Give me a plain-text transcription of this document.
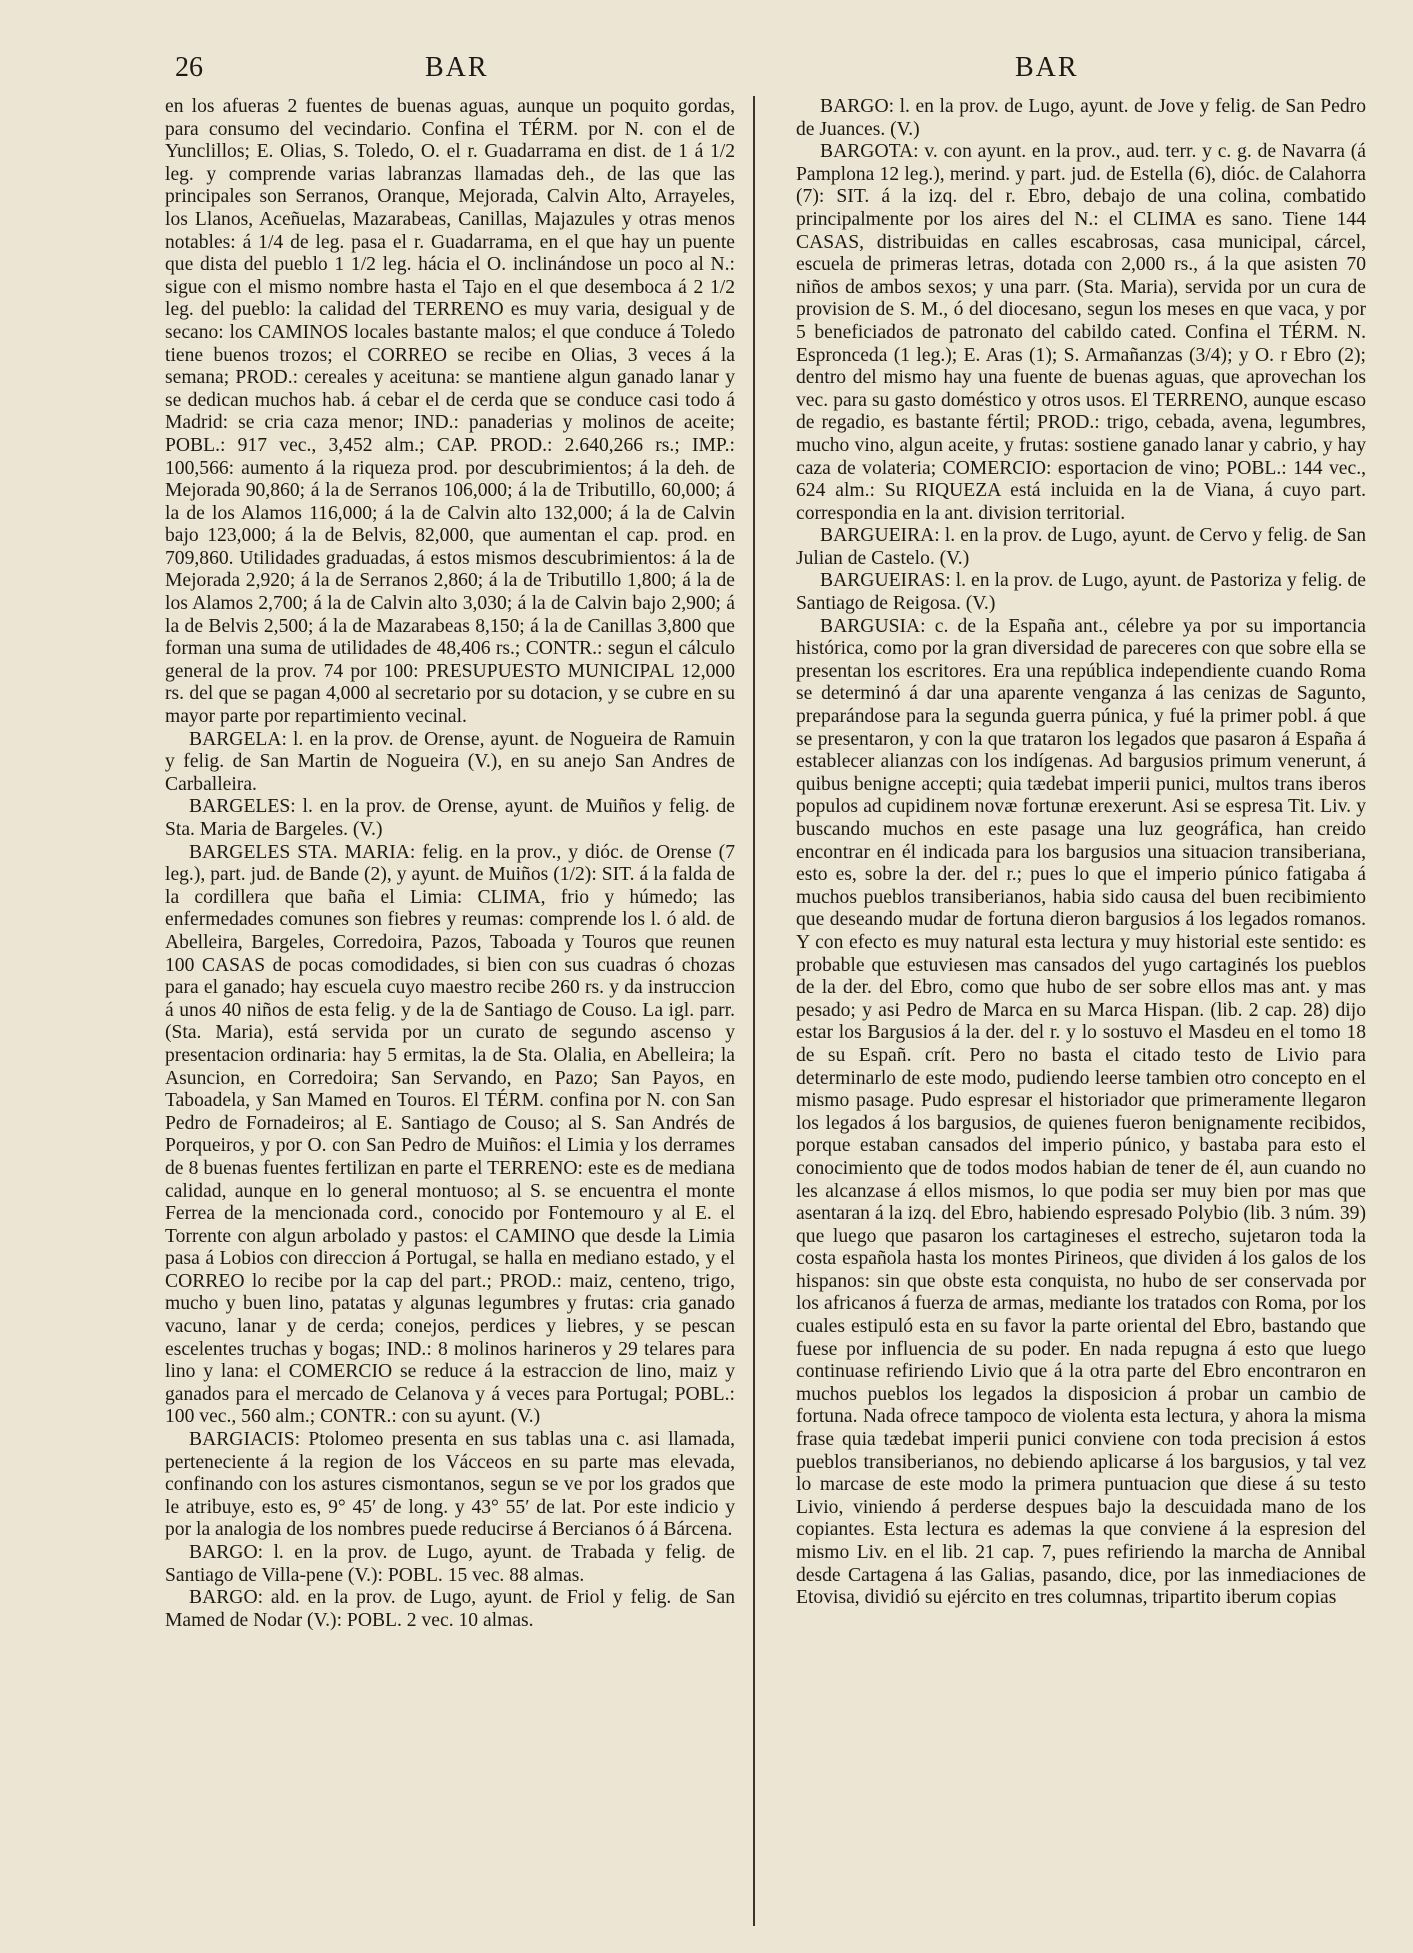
26	BAR	BAR

en los afueras 2 fuentes de buenas aguas, aunque un poquito gordas, para consumo del vecindario. Confina el TÉRM. por N. con el de Yunclillos; E. Olias, S. Toledo, O. el r. Guadarrama en dist. de 1 á 1/2 leg. y comprende varias labranzas llamadas deh., de las que las principales son Serranos, Oranque, Mejorada, Calvin Alto, Arrayeles, los Llanos, Aceñuelas, Mazarabeas, Canillas, Majazules y otras menos notables: á 1/4 de leg. pasa el r. Guadarrama, en el que hay un puente que dista del pueblo 1 1/2 leg. hácia el O. inclinándose un poco al N.: sigue con el mismo nombre hasta el Tajo en el que desemboca á 2 1/2 leg. del pueblo: la calidad del TERRENO es muy varia, desigual y de secano: los CAMINOS locales bastante malos; el que conduce á Toledo tiene buenos trozos; el CORREO se recibe en Olias, 3 veces á la semana; PROD.: cereales y aceituna: se mantiene algun ganado lanar y se dedican muchos hab. á cebar el de cerda que se conduce casi todo á Madrid: se cria caza menor; IND.: panaderias y molinos de aceite; POBL.: 917 vec., 3,452 alm.; CAP. PROD.: 2.640,266 rs.; IMP.: 100,566: aumento á la riqueza prod. por descubrimientos; á la deh. de Mejorada 90,860; á la de Serranos 106,000; á la de Tributillo, 60,000; á la de los Alamos 116,000; á la de Calvin alto 132,000; á la de Calvin bajo 123,000; á la de Belvis, 82,000, que aumentan el cap. prod. en 709,860. Utilidades graduadas, á estos mismos descubrimientos: á la de Mejorada 2,920; á la de Serranos 2,860; á la de Tributillo 1,800; á la de los Alamos 2,700; á la de Calvin alto 3,030; á la de Calvin bajo 2,900; á la de Belvis 2,500; á la de Mazarabeas 8,150; á la de Canillas 3,800 que forman una suma de utilidades de 48,406 rs.; CONTR.: segun el cálculo general de la prov. 74 por 100: PRESUPUESTO MUNICIPAL 12,000 rs. del que se pagan 4,000 al secretario por su dotacion, y se cubre en su mayor parte por repartimiento vecinal.

BARGELA: l. en la prov. de Orense, ayunt. de Nogueira de Ramuin y felig. de San Martin de Nogueira (V.), en su anejo San Andres de Carballeira.

BARGELES: l. en la prov. de Orense, ayunt. de Muiños y felig. de Sta. Maria de Bargeles. (V.)

BARGELES STA. MARIA: felig. en la prov., y dióc. de Orense (7 leg.), part. jud. de Bande (2), y ayunt. de Muiños (1/2): SIT. á la falda de la cordillera que baña el Limia: CLIMA, frio y húmedo; las enfermedades comunes son fiebres y reumas: comprende los l. ó ald. de Abelleira, Bargeles, Corredoira, Pazos, Taboada y Touros que reunen 100 CASAS de pocas comodidades, si bien con sus cuadras ó chozas para el ganado; hay escuela cuyo maestro recibe 260 rs. y da instruccion á unos 40 niños de esta felig. y de la de Santiago de Couso. La igl. parr. (Sta. Maria), está servida por un curato de segundo ascenso y presentacion ordinaria: hay 5 ermitas, la de Sta. Olalia, en Abelleira; la Asuncion, en Corredoira; San Servando, en Pazo; San Payos, en Taboadela, y San Mamed en Touros. El TÉRM. confina por N. con San Pedro de Fornadeiros; al E. Santiago de Couso; al S. San Andrés de Porqueiros, y por O. con San Pedro de Muiños: el Limia y los derrames de 8 buenas fuentes fertilizan en parte el TERRENO: este es de mediana calidad, aunque en lo general montuoso; al S. se encuentra el monte Ferrea de la mencionada cord., conocido por Fontemouro y al E. el Torrente con algun arbolado y pastos: el CAMINO que desde la Limia pasa á Lobios con direccion á Portugal, se halla en mediano estado, y el CORREO lo recibe por la cap del part.; PROD.: maiz, centeno, trigo, mucho y buen lino, patatas y algunas legumbres y frutas: cria ganado vacuno, lanar y de cerda; conejos, perdices y liebres, y se pescan escelentes truchas y bogas; IND.: 8 molinos harineros y 29 telares para lino y lana: el COMERCIO se reduce á la estraccion de lino, maiz y ganados para el mercado de Celanova y á veces para Portugal; POBL.: 100 vec., 560 alm.; CONTR.: con su ayunt. (V.)

BARGIACIS: Ptolomeo presenta en sus tablas una c. asi llamada, perteneciente á la region de los Vácceos en su parte mas elevada, confinando con los astures cismontanos, segun se ve por los grados que le atribuye, esto es, 9° 45′ de long. y 43° 55′ de lat. Por este indicio y por la analogia de los nombres puede reducirse á Bercianos ó á Bárcena.

BARGO: l. en la prov. de Lugo, ayunt. de Trabada y felig. de Santiago de Villa-pene (V.): POBL. 15 vec. 88 almas.

BARGO: ald. en la prov. de Lugo, ayunt. de Friol y felig. de San Mamed de Nodar (V.): POBL. 2 vec. 10 almas.

BARGO: l. en la prov. de Lugo, ayunt. de Jove y felig. de San Pedro de Juances. (V.)

BARGOTA: v. con ayunt. en la prov., aud. terr. y c. g. de Navarra (á Pamplona 12 leg.), merind. y part. jud. de Estella (6), dióc. de Calahorra (7): SIT. á la izq. del r. Ebro, debajo de una colina, combatido principalmente por los aires del N.: el CLIMA es sano. Tiene 144 CASAS, distribuidas en calles escabrosas, casa municipal, cárcel, escuela de primeras letras, dotada con 2,000 rs., á la que asisten 70 niños de ambos sexos; y una parr. (Sta. Maria), servida por un cura de provision de S. M., ó del diocesano, segun los meses en que vaca, y por 5 beneficiados de patronato del cabildo cated. Confina el TÉRM. N. Espronceda (1 leg.); E. Aras (1); S. Armañanzas (3/4); y O. r Ebro (2); dentro del mismo hay una fuente de buenas aguas, que aprovechan los vec. para su gasto doméstico y otros usos. El TERRENO, aunque escaso de regadio, es bastante fértil; PROD.: trigo, cebada, avena, legumbres, mucho vino, algun aceite, y frutas: sostiene ganado lanar y cabrio, y hay caza de volateria; COMERCIO: esportacion de vino; POBL.: 144 vec., 624 alm.: Su RIQUEZA está incluida en la de Viana, á cuyo part. correspondia en la ant. division territorial.

BARGUEIRA: l. en la prov. de Lugo, ayunt. de Cervo y felig. de San Julian de Castelo. (V.)

BARGUEIRAS: l. en la prov. de Lugo, ayunt. de Pastoriza y felig. de Santiago de Reigosa. (V.)

BARGUSIA: c. de la España ant., célebre ya por su importancia histórica, como por la gran diversidad de pareceres con que sobre ella se presentan los escritores. Era una república independiente cuando Roma se determinó á dar una aparente venganza á las cenizas de Sagunto, preparándose para la segunda guerra púnica, y fué la primer pobl. á que se presentaron, y con la que trataron los legados que pasaron á España á establecer alianzas con los indígenas. Ad bargusios primum venerunt, á quibus benigne accepti; quia tædebat imperii punici, multos trans iberos populos ad cupidinem novæ fortunæ erexerunt. Asi se espresa Tit. Liv. y buscando muchos en este pasage una luz geográfica, han creido encontrar en él indicada para los bargusios una situacion transiberiana, esto es, sobre la der. del r.; pues lo que el imperio púnico fatigaba á muchos pueblos transiberianos, habia sido causa del buen recibimiento que deseando mudar de fortuna dieron bargusios á los legados romanos. Y con efecto es muy natural esta lectura y muy historial este sentido: es probable que estuviesen mas cansados del yugo cartaginés los pueblos de la der. del Ebro, como que hubo de ser sobre ellos mas ant. y mas pesado; y asi Pedro de Marca en su Marca Hispan. (lib. 2 cap. 28) dijo estar los Bargusios á la der. del r. y lo sostuvo el Masdeu en el tomo 18 de su Españ. crít. Pero no basta el citado testo de Livio para determinarlo de este modo, pudiendo leerse tambien otro concepto en el mismo pasage. Pudo espresar el historiador que primeramente llegaron los legados á los bargusios, de quienes fueron benignamente recibidos, porque estaban cansados del imperio púnico, y bastaba para esto el conocimiento que de todos modos habian de tener de él, aun cuando no les alcanzase á ellos mismos, lo que podia ser muy bien por mas que asentaran á la izq. del Ebro, habiendo espresado Polybio (lib. 3 núm. 39) que luego que pasaron los cartagineses el estrecho, sujetaron toda la costa española hasta los montes Pirineos, que dividen á los galos de los hispanos: sin que obste esta conquista, no hubo de ser conservada por los africanos á fuerza de armas, mediante los tratados con Roma, por los cuales estipuló esta en su favor la parte oriental del Ebro, bastando que fuese por influencia de su poder. En nada repugna á esto que luego continuase refiriendo Livio que á la otra parte del Ebro encontraron en muchos pueblos los legados la disposicion á probar un cambio de fortuna. Nada ofrece tampoco de violenta esta lectura, y ahora la misma frase quia tædebat imperii punici conviene con toda precision á estos pueblos transiberianos, no debiendo aplicarse á los bargusios, y tal vez lo marcase de este modo la primera puntuacion que diese á su testo Livio, viniendo á perderse despues bajo la descuidada mano de los copiantes. Esta lectura es ademas la que conviene á la espresion del mismo Liv. en el lib. 21 cap. 7, pues refiriendo la marcha de Annibal desde Cartagena á las Galias, pasando, dice, por las inmediaciones de Etovisa, dividió su ejército en tres columnas, tripartito iberum copias
